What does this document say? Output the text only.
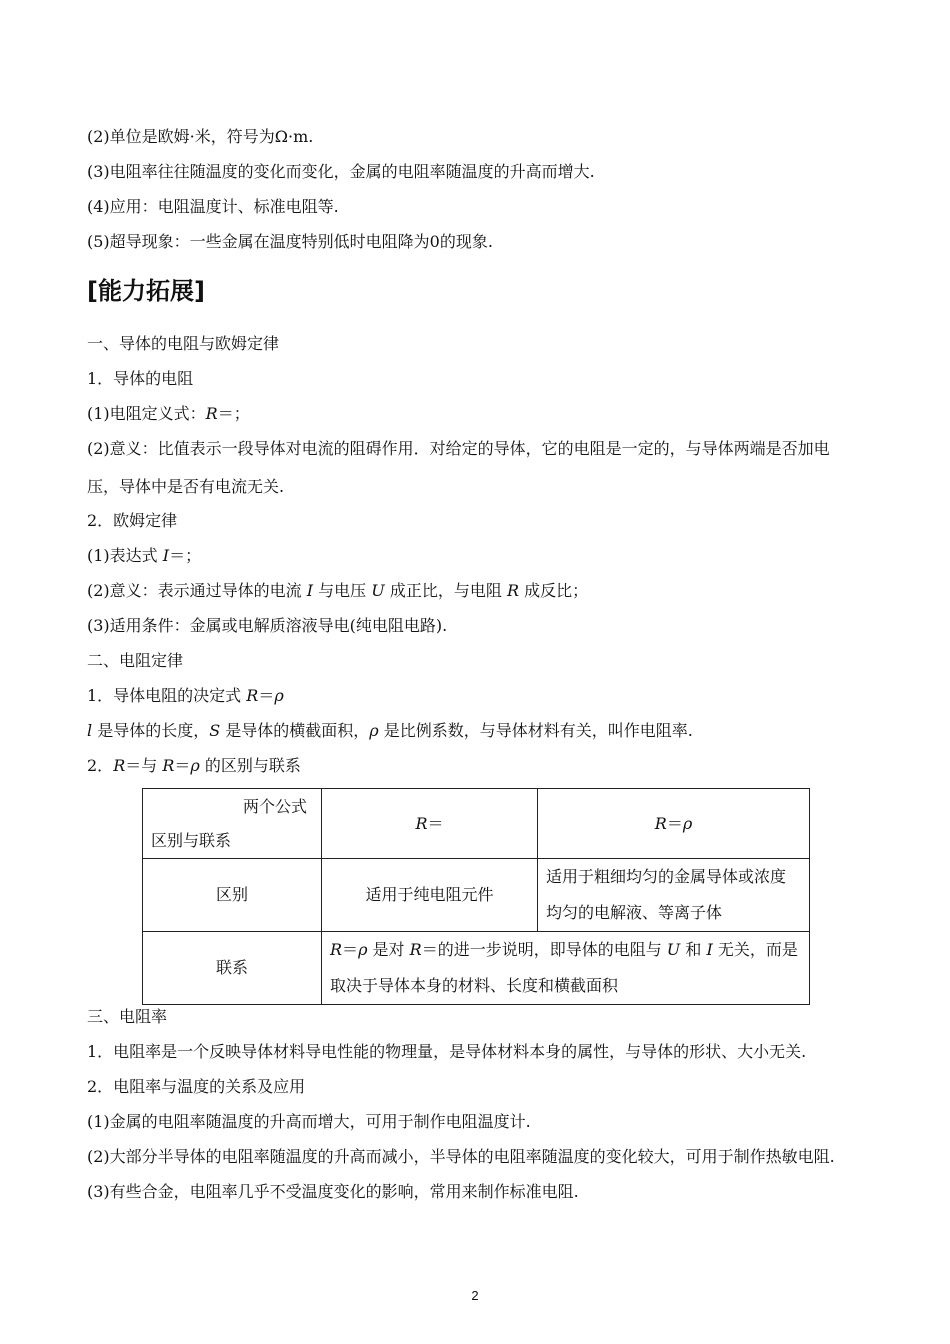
(2)单位是欧姆·米，符号为Ω·m.
(3)电阻率往往随温度的变化而变化，金属的电阻率随温度的升高而增大.
(4)应用：电阻温度计、标准电阻等.
(5)超导现象：一些金属在温度特别低时电阻降为0的现象.
[能力拓展]
一、导体的电阻与欧姆定律
1．导体的电阻
(1)电阻定义式：R＝；
(2)意义：比值表示一段导体对电流的阻碍作用．对给定的导体，它的电阻是一定的，与导体两端是否加电
压，导体中是否有电流无关.
2．欧姆定律
(1)表达式 I＝；
(2)意义：表示通过导体的电流 I 与电压 U 成正比，与电阻 R 成反比；
(3)适用条件：金属或电解质溶液导电(纯电阻电路).
二、电阻定律
1．导体电阻的决定式 R＝ρ
l 是导体的长度，S 是导体的横截面积，ρ 是比例系数，与导体材料有关，叫作电阻率.
2．R＝与 R＝ρ 的区别与联系
两个公式
区别与联系	R＝	R＝ρ
区别	适用于纯电阻元件	适用于粗细均匀的金属导体或浓度
均匀的电解液、等离子体

联系	R＝ρ 是对 R＝的进一步说明，即导体的电阻与 U 和 I 无关，而是
取决于导体本身的材料、长度和横截面积	
三、电阻率
1．电阻率是一个反映导体材料导电性能的物理量，是导体材料本身的属性，与导体的形状、大小无关.
2．电阻率与温度的关系及应用
(1)金属的电阻率随温度的升高而增大，可用于制作电阻温度计.
(2)大部分半导体的电阻率随温度的升高而减小，半导体的电阻率随温度的变化较大，可用于制作热敏电阻.
(3)有些合金，电阻率几乎不受温度变化的影响，常用来制作标准电阻.
2
